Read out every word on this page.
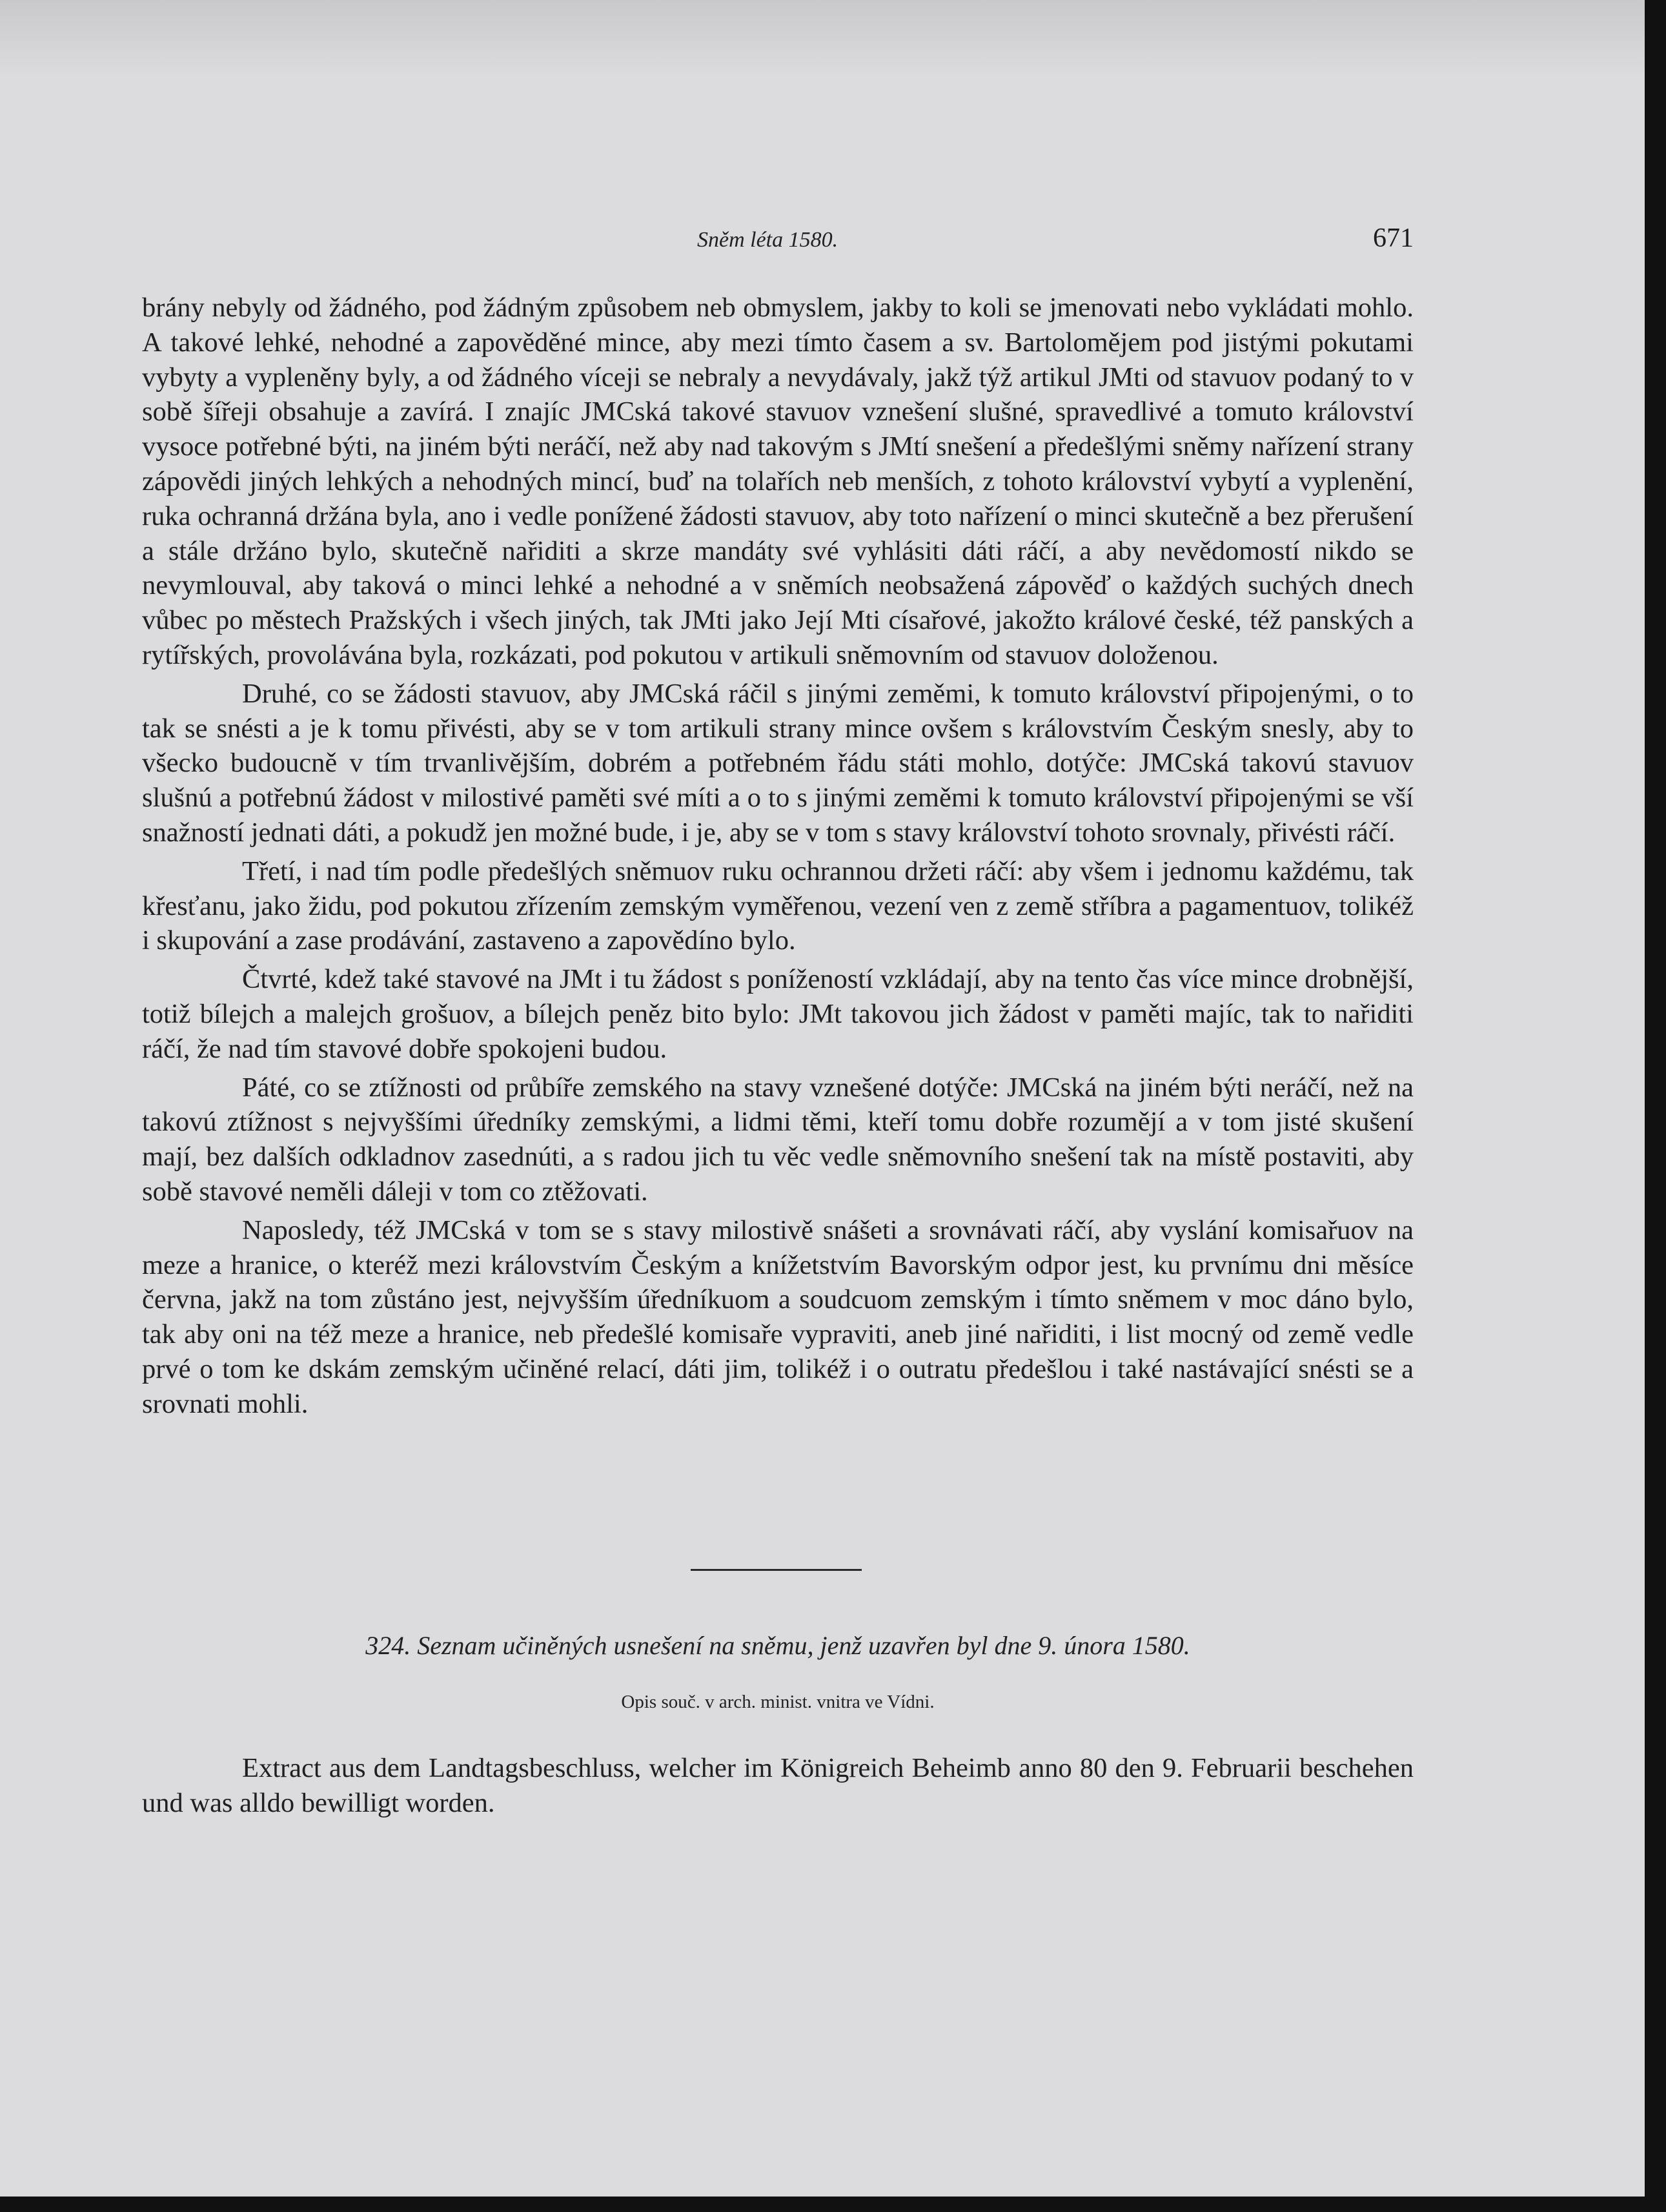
Sněm léta 1580.	671

brány nebyly od žádného, pod žádným způsobem neb obmyslem, jakby to koli se jmenovati nebo vykládati mohlo. A takové lehké, nehodné a zapověděné mince, aby mezi tímto časem a sv. Bartolomějem pod jistými pokutami vybyty a vypleněny byly, a od žádného víceji se nebraly a nevydávaly, jakž týž artikul JMti od stavuov podaný to v sobě šířeji obsahuje a zavírá. I znajíc JMCská takové stavuov vznešení slušné, spravedlivé a tomuto království vysoce potřebné býti, na jiném býti neráčí, než aby nad takovým s JMtí snešení a předešlými sněmy nařízení strany zápovědi jiných lehkých a nehodných mincí, buď na tolařích neb menších, z tohoto království vybytí a vyplenění, ruka ochranná držána byla, ano i vedle ponížené žádosti stavuov, aby toto nařízení o minci skutečně a bez přerušení a stále držáno bylo, skutečně nařiditi a skrze mandáty své vyhlásiti dáti ráčí, a aby nevědomostí nikdo se nevymlouval, aby taková o minci lehké a nehodné a v sněmích neobsažená zápověď o každých suchých dnech vůbec po městech Pražských i všech jiných, tak JMti jako Její Mti císařové, jakožto králové české, též panských a rytířských, provolávána byla, rozkázati, pod pokutou v artikuli sněmovním od stavuov doloženou.

Druhé, co se žádosti stavuov, aby JMCská ráčil s jinými zeměmi, k tomuto království připojenými, o to tak se snésti a je k tomu přivésti, aby se v tom artikuli strany mince ovšem s královstvím Českým snesly, aby to všecko budoucně v tím trvanlivějším, dobrém a potřebném řádu státi mohlo, dotýče: JMCská takovú stavuov slušnú a potřebnú žádost v milostivé paměti své míti a o to s jinými zeměmi k tomuto království připojenými se vší snažností jednati dáti, a pokudž jen možné bude, i je, aby se v tom s stavy království tohoto srovnaly, přivésti ráčí.

Třetí, i nad tím podle předešlých sněmuov ruku ochrannou držeti ráčí: aby všem i jednomu každému, tak křesťanu, jako židu, pod pokutou zřízením zemským vyměřenou, vezení ven z země stříbra a pagamentuov, tolikéž i skupování a zase prodávání, zastaveno a zapovědíno bylo.

Čtvrté, kdež také stavové na JMt i tu žádost s ponížeností vzkládají, aby na tento čas více mince drobnější, totiž bílejch a malejch grošuov, a bílejch peněz bito bylo: JMt takovou jich žádost v paměti majíc, tak to nařiditi ráčí, že nad tím stavové dobře spokojeni budou.

Páté, co se ztížnosti od průbíře zemského na stavy vznešené dotýče: JMCská na jiném býti neráčí, než na takovú ztížnost s nejvyššími úředníky zemskými, a lidmi těmi, kteří tomu dobře rozumějí a v tom jisté skušení mají, bez dalších odkladnov zasednúti, a s radou jich tu věc vedle sněmovního snešení tak na místě postaviti, aby sobě stavové neměli dáleji v tom co ztěžovati.

Naposledy, též JMCská v tom se s stavy milostivě snášeti a srovnávati ráčí, aby vyslání komisařuov na meze a hranice, o kteréž mezi královstvím Českým a knížetstvím Bavorským odpor jest, ku prvnímu dni měsíce června, jakž na tom zůstáno jest, nejvyšším úředníkuom a soudcuom zemským i tímto sněmem v moc dáno bylo, tak aby oni na též meze a hranice, neb předešlé komisaře vypraviti, aneb jiné nařiditi, i list mocný od země vedle prvé o tom ke dskám zemským učiněné relací, dáti jim, tolikéž i o outratu předešlou i také nastávající snésti se a srovnati mohli.

324. Seznam učiněných usnešení na sněmu, jenž uzavřen byl dne 9. února 1580.
Opis souč. v arch. minist. vnitra ve Vídni.

Extract aus dem Landtagsbeschluss, welcher im Königreich Beheimb anno 80 den 9. Februarii beschehen und was alldo bewilligt worden.
